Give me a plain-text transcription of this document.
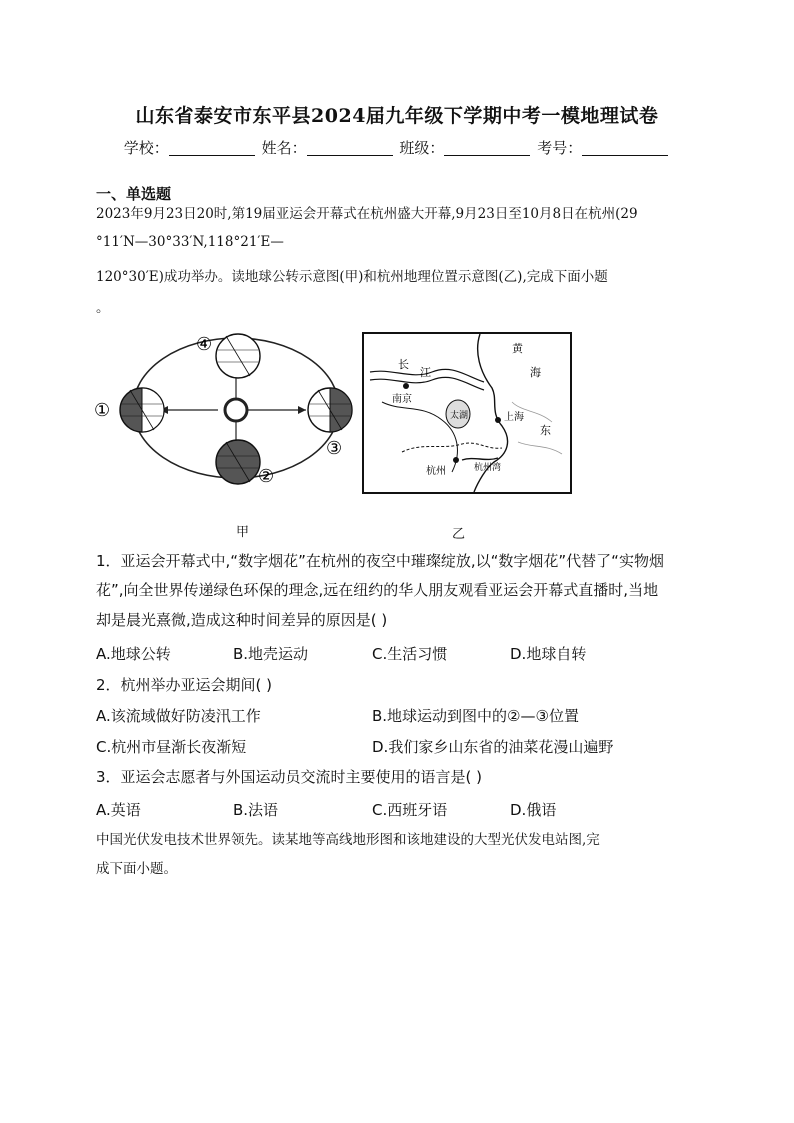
山东省泰安市东平县2024届九年级下学期中考一模地理试卷
学校：	姓名：	班级：	考号：
一、单选题
2023年9月23日20时,第19届亚运会开幕式在杭州盛大开幕,9月23日至10月8日在杭州(29
°11′N—30°33′N,118°21′E—
120°30′E)成功举办。读地球公转示意图(甲)和杭州地理位置示意图(乙),完成下面小题
。
①
②
③
④
南京
上海
杭州
太湖
杭州湾
长
江
黄
海
东
甲	乙
1．亚运会开幕式中,“数字烟花”在杭州的夜空中璀璨绽放,以“数字烟花”代替了“实物烟
花”,向全世界传递绿色环保的理念,远在纽约的华人朋友观看亚运会开幕式直播时,当地
却是晨光熹微,造成这种时间差异的原因是( )
A.地球公转	B.地壳运动	C.生活习惯	D.地球自转
2．杭州举办亚运会期间( )
A.该流域做好防凌汛工作	B.地球运动到图中的②—③位置
C.杭州市昼渐长夜渐短	D.我们家乡山东省的油菜花漫山遍野
3．亚运会志愿者与外国运动员交流时主要使用的语言是( )
A.英语	B.法语	C.西班牙语	D.俄语
中国光伏发电技术世界领先。读某地等高线地形图和该地建设的大型光伏发电站图,完
成下面小题。
